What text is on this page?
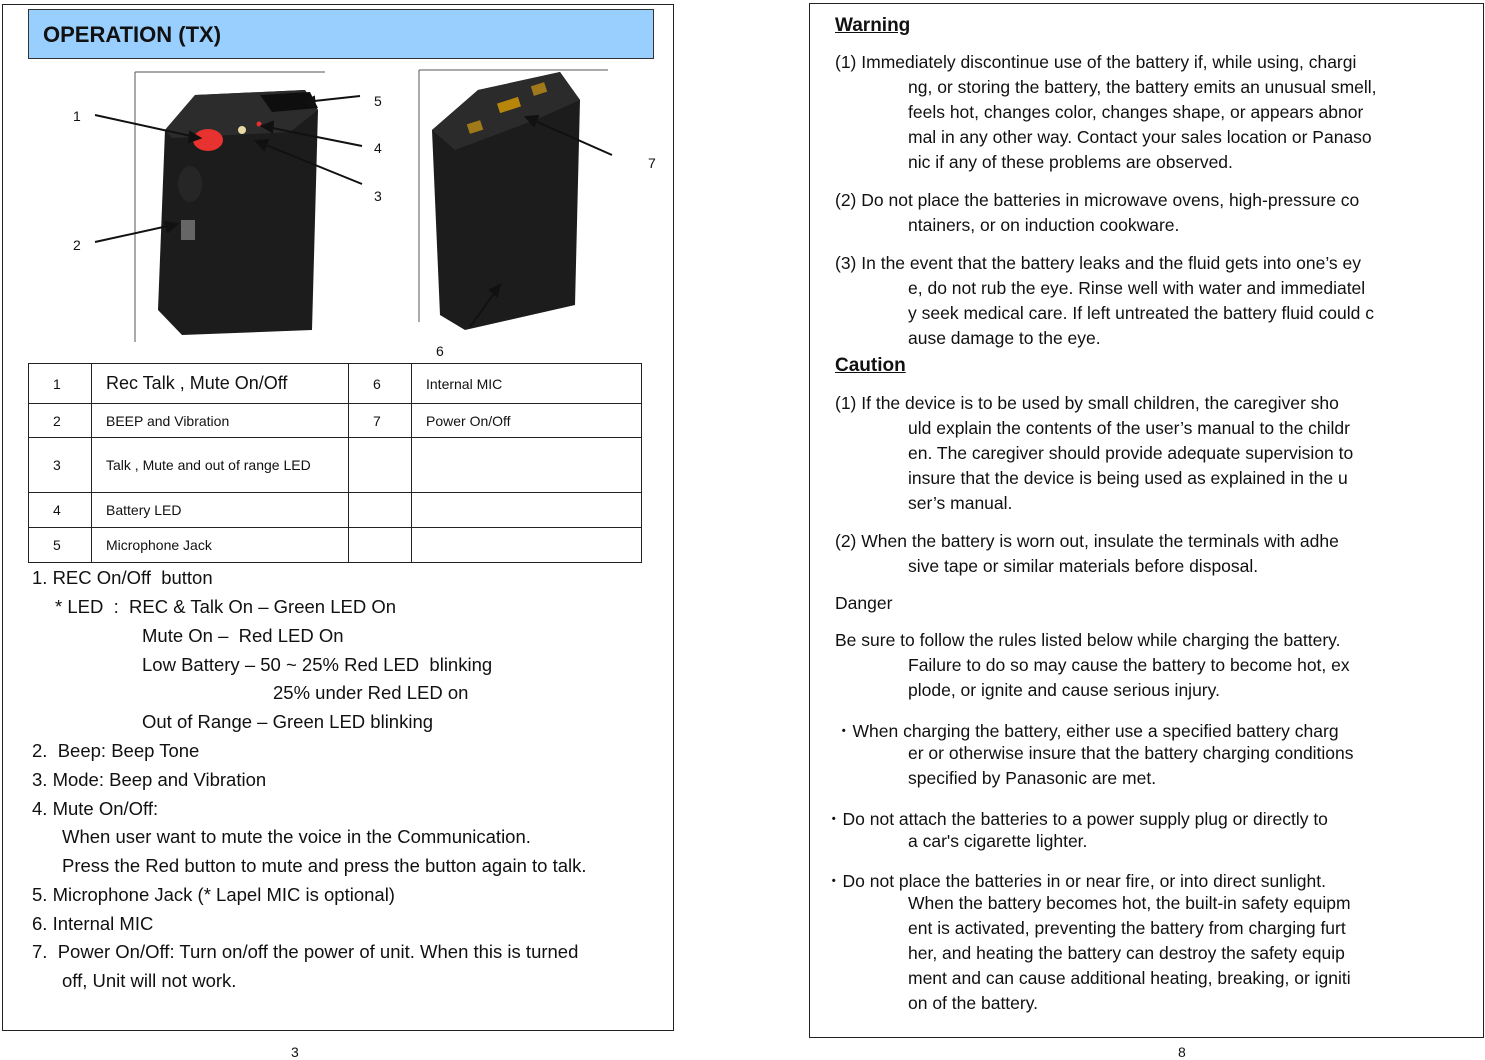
OPERATION (TX)
1
2
3
4
5
6
7
1	Rec Talk , Mute On/Off	6	Internal MIC
2	BEEP and Vibration	7	Power On/Off
3	Talk , Mute and out of range LED		
4	Battery LED		
5	Microphone Jack		
1. REC On/Off  button
* LED  :  REC & Talk On – Green LED On
Mute On –  Red LED On
Low Battery – 50 ~ 25% Red LED  blinking
25% under Red LED on
Out of Range – Green LED blinking
2.  Beep: Beep Tone
3. Mode: Beep and Vibration
4. Mute On/Off:
When user want to mute the voice in the Communication.
Press the Red button to mute and press the button again to talk.
5. Microphone Jack (* Lapel MIC is optional)
6. Internal MIC
7.  Power On/Off: Turn on/off the power of unit. When this is turned
off, Unit will not work.
3
Warning
(1) Immediately discontinue use of the battery if, while using, chargi
ng, or storing the battery, the battery emits an unusual smell,
feels hot, changes color, changes shape, or appears abnor
mal in any other way. Contact your sales location or Panaso
nic if any of these problems are observed.
(2) Do not place the batteries in microwave ovens, high-pressure co
ntainers, or on induction cookware.
(3) In the event that the battery leaks and the fluid gets into one’s ey
e, do not rub the eye. Rinse well with water and immediatel
y seek medical care. If left untreated the battery fluid could c
ause damage to the eye.
Caution
(1) If the device is to be used by small children, the caregiver sho
uld explain the contents of the user’s manual to the childr
en. The caregiver should provide adequate supervision to
insure that the device is being used as explained in the u
ser’s manual.
(2) When the battery is worn out, insulate the terminals with adhe
sive tape or similar materials before disposal.
Danger
Be sure to follow the rules listed below while charging the battery.
Failure to do so may cause the battery to become hot, ex
plode, or ignite and cause serious injury.
・When charging the battery, either use a specified battery charg
er or otherwise insure that the battery charging conditions
specified by Panasonic are met.
・Do not attach the batteries to a power supply plug or directly to
a car's cigarette lighter.
・Do not place the batteries in or near fire, or into direct sunlight.
When the battery becomes hot, the built-in safety equipm
ent is activated, preventing the battery from charging furt
her, and heating the battery can destroy the safety equip
ment and can cause additional heating, breaking, or igniti
on of the battery.
8
